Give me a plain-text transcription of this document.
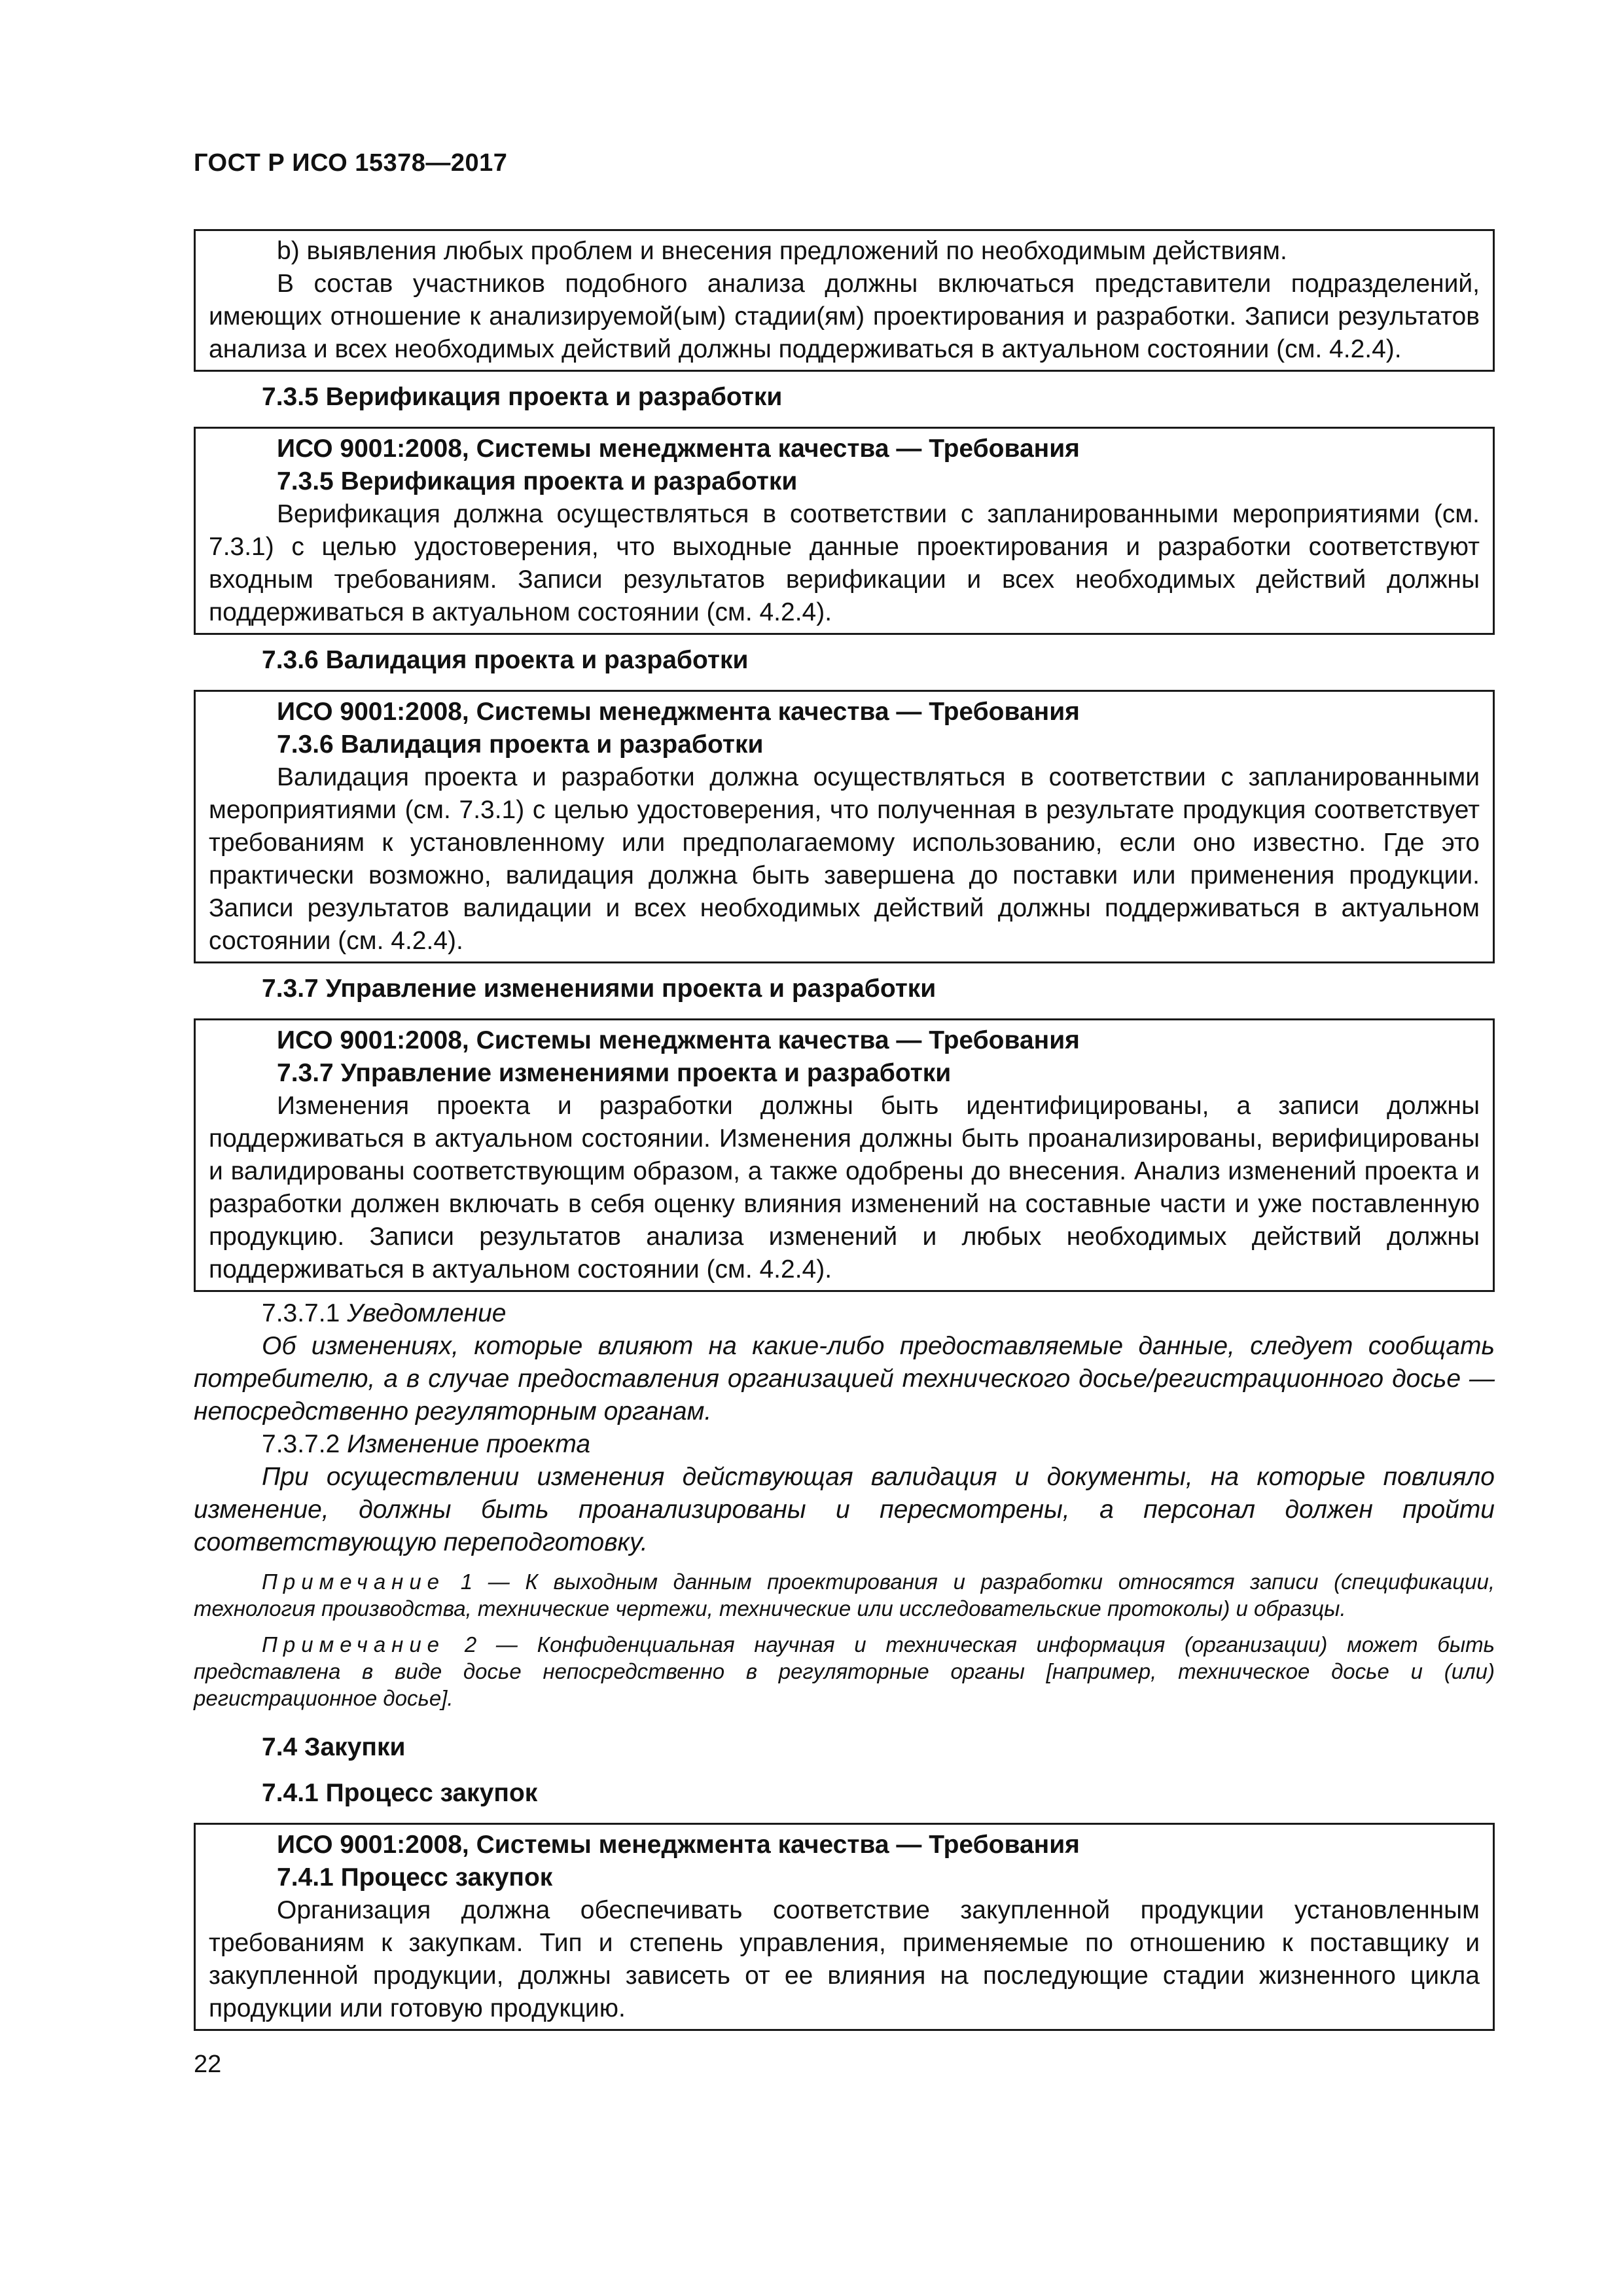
ГОСТ Р ИСО 15378—2017

b) выявления любых проблем и внесения предложений по необходимым действиям.

В состав участников подобного анализа должны включаться представители подразделений, имеющих отношение к анализируемой(ым) стадии(ям) проектирования и разработки. Записи результатов анализа и всех необходимых действий должны поддерживаться в актуальном состоянии (см. 4.2.4).

7.3.5 Верификация проекта и разработки

ИСО 9001:2008, Системы менеджмента качества — Требования

7.3.5 Верификация проекта и разработки

Верификация должна осуществляться в соответствии с запланированными мероприятиями (см. 7.3.1) с целью удостоверения, что выходные данные проектирования и разработки соответствуют входным требованиям. Записи результатов верификации и всех необходимых действий должны поддерживаться в актуальном состоянии (см. 4.2.4).

7.3.6 Валидация проекта и разработки

ИСО 9001:2008, Системы менеджмента качества — Требования

7.3.6 Валидация проекта и разработки

Валидация проекта и разработки должна осуществляться в соответствии с запланированными мероприятиями (см. 7.3.1) с целью удостоверения, что полученная в результате продукция соответствует требованиям к установленному или предполагаемому использованию, если оно известно. Где это практически возможно, валидация должна быть завершена до поставки или применения продукции. Записи результатов валидации и всех необходимых действий должны поддерживаться в актуальном состоянии (см. 4.2.4).

7.3.7 Управление изменениями проекта и разработки

ИСО 9001:2008, Системы менеджмента качества — Требования

7.3.7 Управление изменениями проекта и разработки

Изменения проекта и разработки должны быть идентифицированы, а записи должны поддерживаться в актуальном состоянии. Изменения должны быть проанализированы, верифицированы и валидированы соответствующим образом, а также одобрены до внесения. Анализ изменений проекта и разработки должен включать в себя оценку влияния изменений на составные части и уже поставленную продукцию. Записи результатов анализа изменений и любых необходимых действий должны поддерживаться в актуальном состоянии (см. 4.2.4).

7.3.7.1 Уведомление

Об изменениях, которые влияют на какие-либо предоставляемые данные, следует сообщать потребителю, а в случае предоставления организацией технического досье/регистрационного досье — непосредственно регуляторным органам.

7.3.7.2 Изменение проекта

При осуществлении изменения действующая валидация и документы, на которые повлияло изменение, должны быть проанализированы и пересмотрены, а персонал должен пройти соответствующую переподготовку.

Примечание 1 — К выходным данным проектирования и разработки относятся записи (спецификации, технология производства, технические чертежи, технические или исследовательские протоколы) и образцы.

Примечание 2 — Конфиденциальная научная и техническая информация (организации) может быть представлена в виде досье непосредственно в регуляторные органы [например, техническое досье и (или) регистрационное досье].

7.4 Закупки
7.4.1 Процесс закупок

ИСО 9001:2008, Системы менеджмента качества — Требования

7.4.1 Процесс закупок

Организация должна обеспечивать соответствие закупленной продукции установленным требованиям к закупкам. Тип и степень управления, применяемые по отношению к поставщику и закупленной продукции, должны зависеть от ее влияния на последующие стадии жизненного цикла продукции или готовую продукцию.

22
